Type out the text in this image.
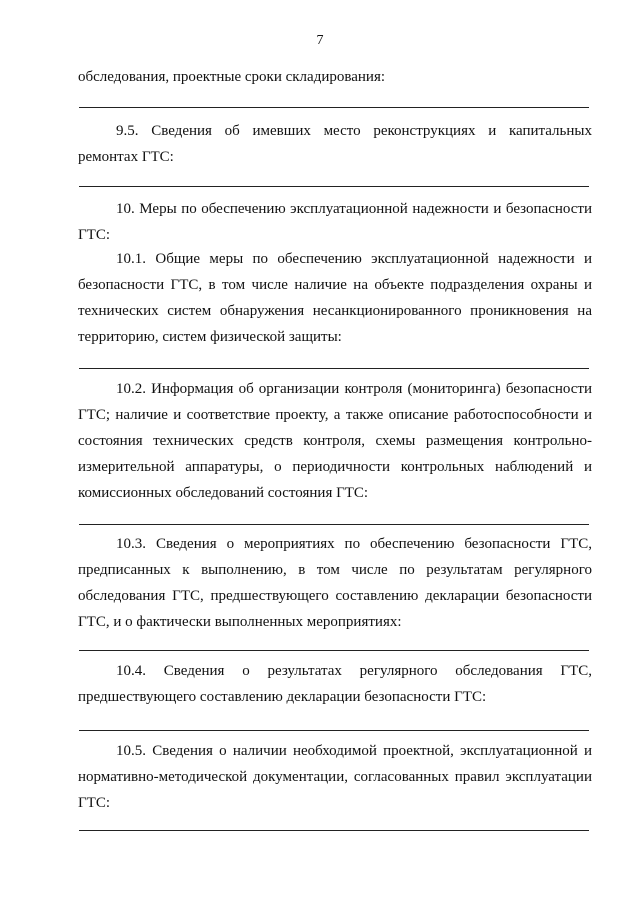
7

обследования, проектные сроки складирования:

9.5. Сведения об имевших место реконструкциях и капитальных ремонтах ГТС:

10. Меры по обеспечению эксплуатационной надежности и безопасности ГТС:

10.1. Общие меры по обеспечению эксплуатационной надежности и безопасности ГТС, в том числе наличие на объекте подразделения охраны и технических систем обнаружения несанкционированного проникновения на территорию, систем физической защиты:

10.2. Информация об организации контроля (мониторинга) безопасности ГТС; наличие и соответствие проекту, а также описание работоспособности и состояния технических средств контроля, схемы размещения контрольно-измерительной аппаратуры, о периодичности контрольных наблюдений и комиссионных обследований состояния ГТС:

10.3. Сведения о мероприятиях по обеспечению безопасности ГТС, предписанных к выполнению, в том числе по результатам регулярного обследования ГТС, предшествующего составлению декларации безопасности ГТС, и о фактически выполненных мероприятиях:

10.4. Сведения о результатах регулярного обследования ГТС, предшествующего составлению декларации безопасности ГТС:

10.5. Сведения о наличии необходимой проектной, эксплуатационной и нормативно-методической документации, согласованных правил эксплуатации ГТС:
